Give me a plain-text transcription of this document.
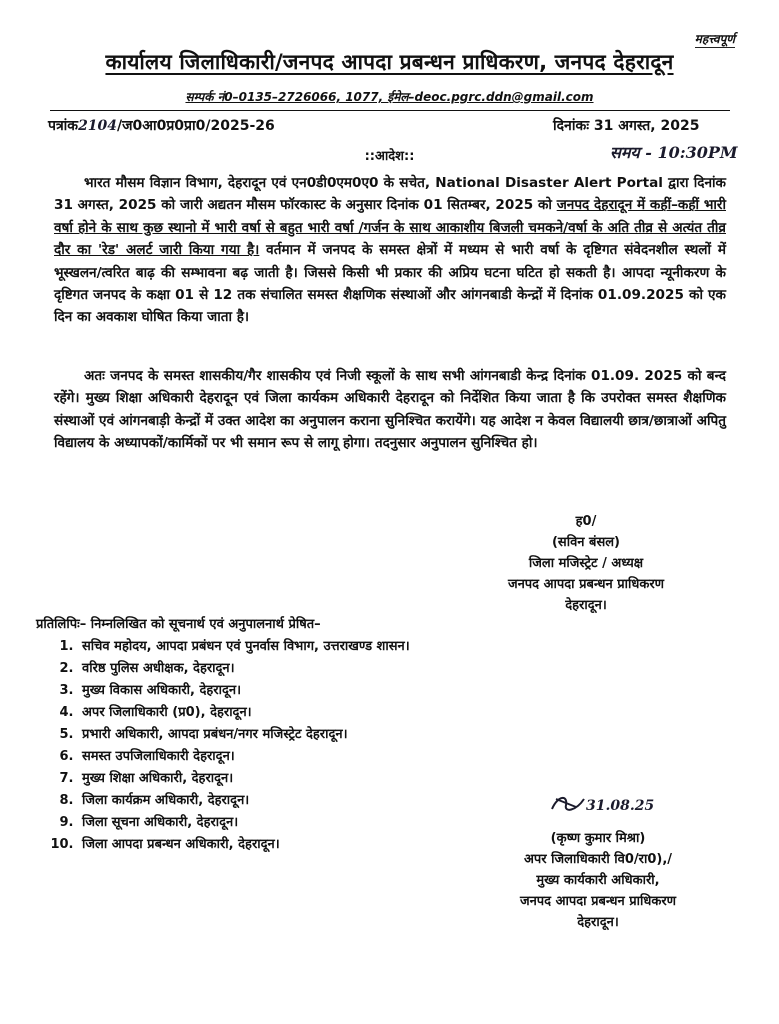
महत्त्वपूर्ण
कार्यालय जिलाधिकारी/जनपद आपदा प्रबन्धन प्राधिकरण, जनपद देहरादून
सम्पर्क नं0–0135–2726066, 1077, ईमेल–deoc.pgrc.ddn@gmail.com
पत्रांक2104/ज0आ0प्र0प्रा0/2025-26	दिनांकः 31 अगस्त, 2025
समय - 10:30PM
::आदेश::
भारत मौसम विज्ञान विभाग, देहरादून एवं एन0डी0एम0ए0 के सचेत, National Disaster Alert Portal द्वारा दिनांक 31 अगस्त, 2025 को जारी अद्यतन मौसम फॉरकास्ट के अनुसार दिनांक 01 सितम्बर, 2025 को जनपद देहरादून में कहीं–कहीं भारी वर्षा होने के साथ कुछ स्थानो में भारी वर्षा से बहुत भारी वर्षा /गर्जन के साथ आकाशीय बिजली चमकने/वर्षा के अति तीव्र से अत्यंत तीव्र दौर का 'रेड' अलर्ट जारी किया गया है। वर्तमान में जनपद के समस्त क्षेत्रों में मध्यम से भारी वर्षा के दृष्टिगत संवेदनशील स्थलों में भूस्खलन/त्वरित बाढ़ की सम्भावना बढ़ जाती है। जिससे किसी भी प्रकार की अप्रिय घटना घटित हो सकती है। आपदा न्यूनीकरण के दृष्टिगत जनपद के कक्षा 01 से 12 तक संचालित समस्त शैक्षणिक संस्थाओं और आंगनबाडी केन्द्रों में दिनांक 01.09.2025 को एक दिन का अवकाश घोषित किया जाता है।
अतः जनपद के समस्त शासकीय/गैर शासकीय एवं निजी स्कूलों के साथ सभी आंगनबाडी केन्द्र दिनांक 01.09. 2025 को बन्द रहेंगे। मुख्य शिक्षा अधिकारी देहरादून एवं जिला कार्यकम अधिकारी देहरादून को निर्देशित किया जाता है कि उपरोक्त समस्त शैक्षणिक संस्थाओं एवं आंगनबाड़ी केन्द्रों में उक्त आदेश का अनुपालन कराना सुनिश्चित करायेंगे। यह आदेश न केवल विद्यालयी छात्र/छात्राओं अपितु विद्यालय के अध्यापकों/कार्मिकों पर भी समान रूप से लागू होगा। तदनुसार अनुपालन सुनिश्चित हो।
ह0/
(सविन बंसल)
जिला मजिस्ट्रेट / अध्यक्ष
जनपद आपदा प्रबन्धन प्राधिकरण
देहरादून।
प्रतिलिपिः– निम्नलिखित को सूचनार्थ एवं अनुपालनार्थ प्रेषित–
1. सचिव महोदय, आपदा प्रबंधन एवं पुनर्वास विभाग, उत्तराखण्ड शासन।
2. वरिष्ठ पुलिस अधीक्षक, देहरादून।
3. मुख्य विकास अधिकारी, देहरादून।
4. अपर जिलाधिकारी (प्र0), देहरादून।
5. प्रभारी अधिकारी, आपदा प्रबंधन/नगर मजिस्ट्रेट देहरादून।
6. समस्त उपजिलाधिकारी देहरादून।
7. मुख्य शिक्षा अधिकारी, देहरादून।
8. जिला कार्यक्रम अधिकारी, देहरादून।
9. जिला सूचना अधिकारी, देहरादून।
10. जिला आपदा प्रबन्धन अधिकारी, देहरादून।
31.08.25
(कृष्ण कुमार मिश्रा)
अपर जिलाधिकारी वि0/रा0),/
मुख्य कार्यकारी अधिकारी,
जनपद आपदा प्रबन्धन प्राधिकरण
देहरादून।
